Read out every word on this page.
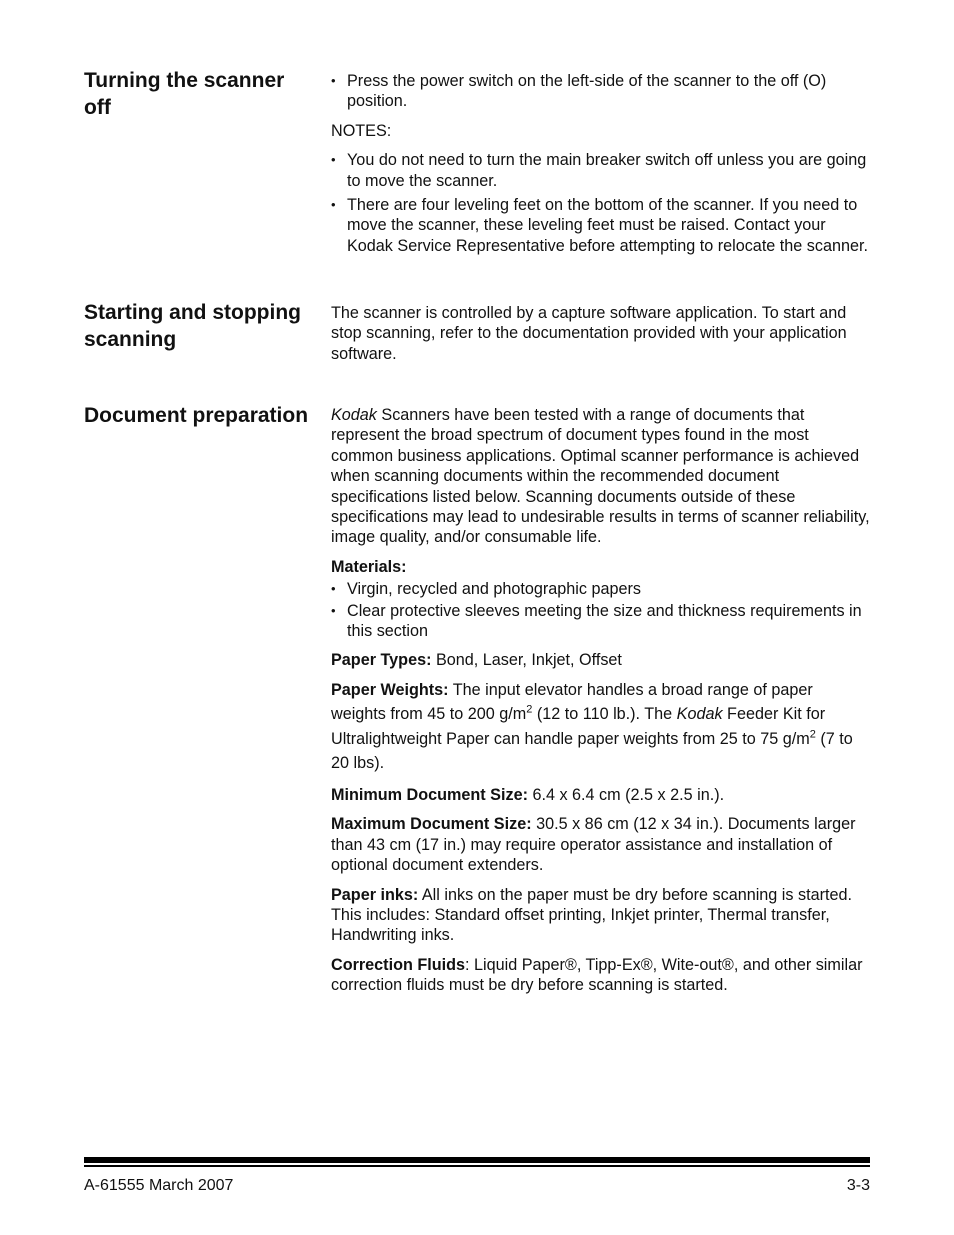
Turning the scanner off
• Press the power switch on the left-side of the scanner to the off (O) position.

NOTES:

• You do not need to turn the main breaker switch off unless you are going to move the scanner.
• There are four leveling feet on the bottom of the scanner. If you need to move the scanner, these leveling feet must be raised. Contact your Kodak Service Representative before attempting to relocate the scanner.
Starting and stopping scanning

The scanner is controlled by a capture software application. To start and stop scanning, refer to the documentation provided with your application software.

Document preparation	Kodak Scanners have been tested with a range of documents that represent the broad spectrum of document types found in the most common business applications. Optimal scanner performance is achieved when scanning documents within the recommended document specifications listed below. Scanning documents outside of these specifications may lead to undesirable results in terms of scanner reliability, image quality, and/or consumable life.

Materials:

• Virgin, recycled and photographic papers
• Clear protective sleeves meeting the size and thickness requirements in this section

Paper Types: Bond, Laser, Inkjet, Offset

Paper Weights: The input elevator handles a broad range of paper weights from 45 to 200 $g/m^2$ (12 to 110 lb.). The Kodak Feeder Kit for Ultralightweight Paper can handle paper weights from 25 to 75 $g/m^2$ (7 to 20 lbs).

Minimum Document Size: 6.4 x 6.4 cm (2.5 x 2.5 in.).

Maximum Document Size: 30.5 x 86 cm (12 x 34 in.). Documents larger than 43 cm (17 in.) may require operator assistance and installation of optional document extenders.

Paper inks: All inks on the paper must be dry before scanning is started. This includes: Standard offset printing, Inkjet printer, Thermal transfer, Handwriting inks.

Correction Fluids: Liquid Paper®, Tipp-Ex®, Wite-out®, and other similar correction fluids must be dry before scanning is started.

A-61555 March 2007	3-3
